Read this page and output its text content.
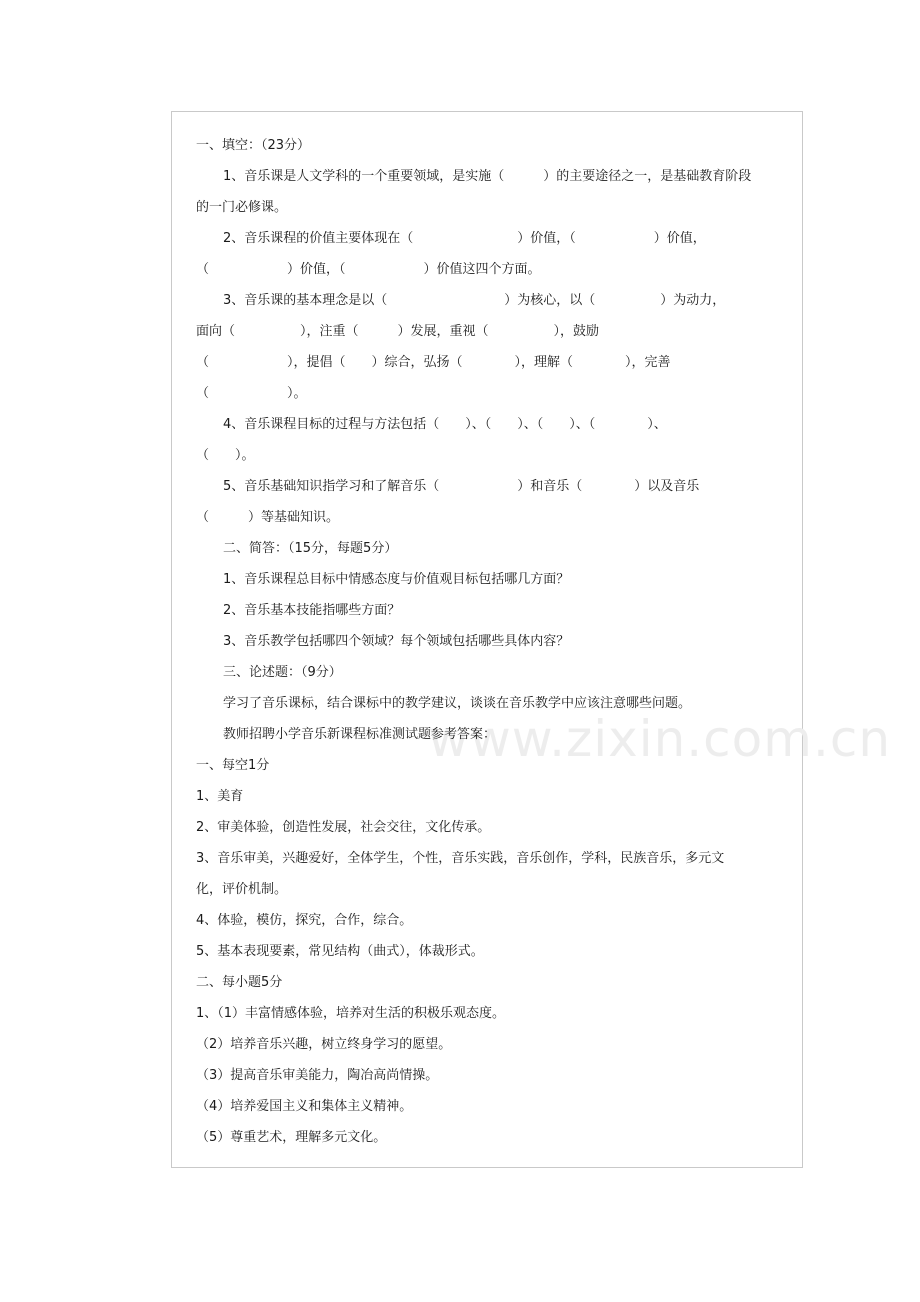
www.zixin.com.cn
一、填空：（23分）
1、音乐课是人文学科的一个重要领域，是实施（　　　）的主要途径之一，是基础教育阶段
的一门必修课。
2、音乐课程的价值主要体现在（　　　　　　　　）价值，（　　　　　　）价值，
（　　　　　　）价值，（　　　　　　）价值这四个方面。
3、音乐课的基本理念是以（　　　　　　　　　）为核心，以（　　　　　）为动力，
面向（　　　　　），注重（　　　）发展，重视（　　　　　），鼓励
（　　　　　　），提倡（　　）综合，弘扬（　　　　），理解（　　　　），完善
（　　　　　　）。
4、音乐课程目标的过程与方法包括（　　）、（　　）、（　　）、（　　　　）、
（　　）。
5、音乐基础知识指学习和了解音乐（　　　　　　）和音乐（　　　　）以及音乐
（　　　）等基础知识。
二、简答：（15分，每题5分）
1、音乐课程总目标中情感态度与价值观目标包括哪几方面？
2、音乐基本技能指哪些方面？
3、音乐教学包括哪四个领域？每个领域包括哪些具体内容？
三、论述题：（9分）
学习了音乐课标，结合课标中的教学建议，谈谈在音乐教学中应该注意哪些问题。
教师招聘小学音乐新课程标准测试题参考答案：
一、每空1分
1、美育
2、审美体验，创造性发展，社会交往，文化传承。
3、音乐审美，兴趣爱好，全体学生，个性，音乐实践，音乐创作，学科，民族音乐，多元文
化，评价机制。
4、体验，模仿，探究，合作，综合。
5、基本表现要素，常见结构（曲式），体裁形式。
二、每小题5分
1、（1）丰富情感体验，培养对生活的积极乐观态度。
（2）培养音乐兴趣，树立终身学习的愿望。
（3）提高音乐审美能力，陶冶高尚情操。
（4）培养爱国主义和集体主义精神。
（5）尊重艺术，理解多元文化。
